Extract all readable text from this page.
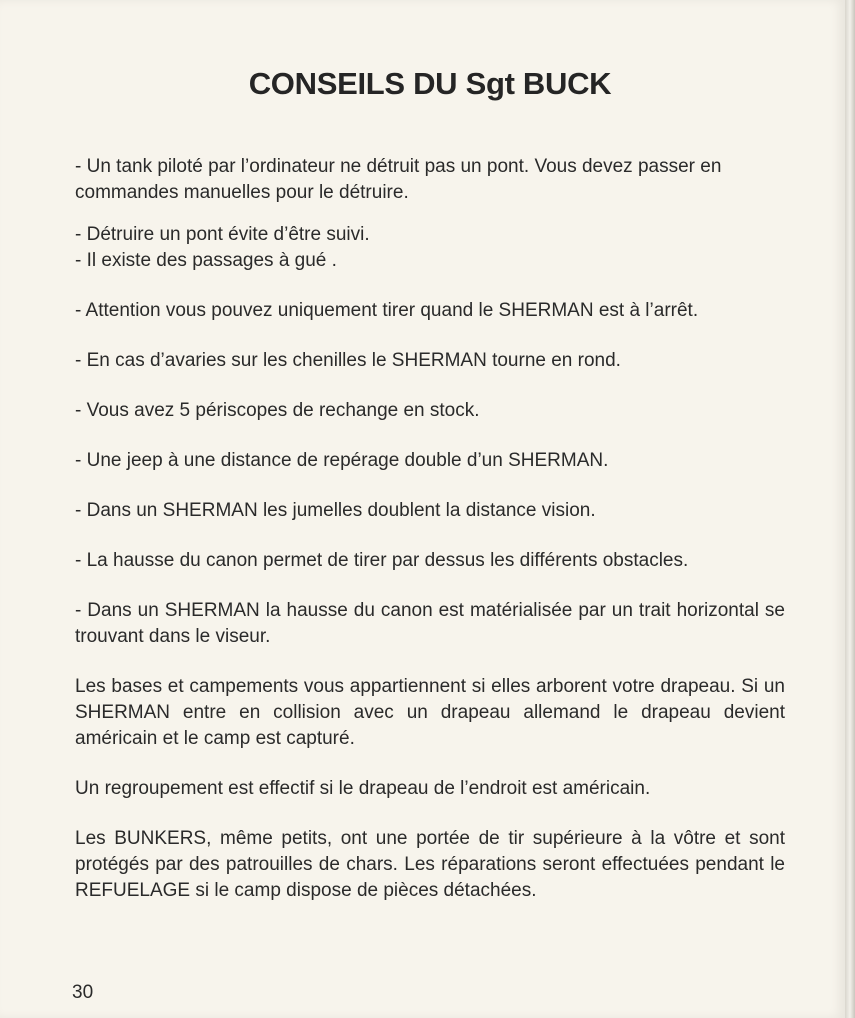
CONSEILS DU Sgt BUCK

- Un tank piloté par l’ordinateur ne détruit pas un pont. Vous devez passer en commandes manuelles pour le détruire.

- Détruire un pont évite d’être suivi.

- Il existe des passages à gué .

- Attention vous pouvez uniquement tirer quand le SHERMAN est à l’arrêt.

- En cas d’avaries sur les chenilles le SHERMAN tourne en rond.

- Vous avez 5 périscopes de rechange en stock.

- Une jeep à une distance de repérage double d’un SHERMAN.

- Dans un SHERMAN les jumelles doublent la distance vision.

- La hausse du canon permet de tirer par dessus les différents obstacles.

- Dans un SHERMAN la hausse du canon est matérialisée par un trait horizontal se trouvant dans le viseur.

Les bases et campements vous appartiennent si elles arborent votre drapeau. Si un SHERMAN entre en collision avec un drapeau allemand le drapeau devient américain et le camp est capturé.

Un regroupement est effectif si le drapeau de l’endroit est américain.

Les BUNKERS, même petits, ont une portée de tir supérieure à la vôtre et sont protégés par des patrouilles de chars. Les réparations seront effectuées pendant le REFUELAGE si le camp dispose de pièces détachées.

30
